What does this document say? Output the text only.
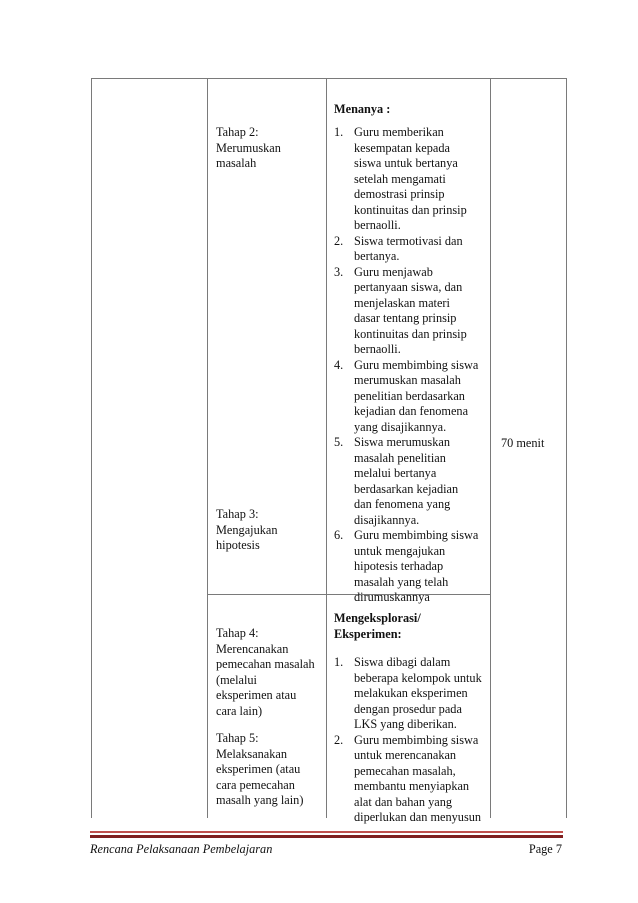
Tahap 2:
Merumuskan
masalah
Tahap 3:
Mengajukan
hipotesis
Menanya :
1. Guru memberikan
kesempatan kepada
siswa untuk bertanya
setelah mengamati
demostrasi prinsip
kontinuitas dan prinsip
bernaolli.
2. Siswa termotivasi dan
bertanya.
3. Guru menjawab
pertanyaan siswa, dan
menjelaskan materi
dasar tentang prinsip
kontinuitas dan prinsip
bernaolli.
4. Guru membimbing siswa
merumuskan masalah
penelitian berdasarkan
kejadian dan fenomena
yang disajikannya.
5. Siswa merumuskan
masalah penelitian
melalui bertanya
berdasarkan kejadian
dan fenomena yang
disajikannya.
6. Guru membimbing siswa
untuk mengajukan
hipotesis terhadap
masalah yang telah
dirumuskannya
70 menit
Tahap 4:
Merencanakan
pemecahan masalah
(melalui
eksperimen atau
cara lain)
Tahap 5:
Melaksanakan
eksperimen (atau
cara pemecahan
masalh yang lain)
Mengeksplorasi/
Eksperimen:
1. Siswa dibagi dalam
beberapa kelompok untuk
melakukan eksperimen
dengan prosedur pada
LKS yang diberikan.
2. Guru membimbing siswa
untuk merencanakan
pemecahan masalah,
membantu menyiapkan
alat dan bahan yang
diperlukan dan menyusun
Rencana Pelaksanaan Pembelajaran	Page 7
